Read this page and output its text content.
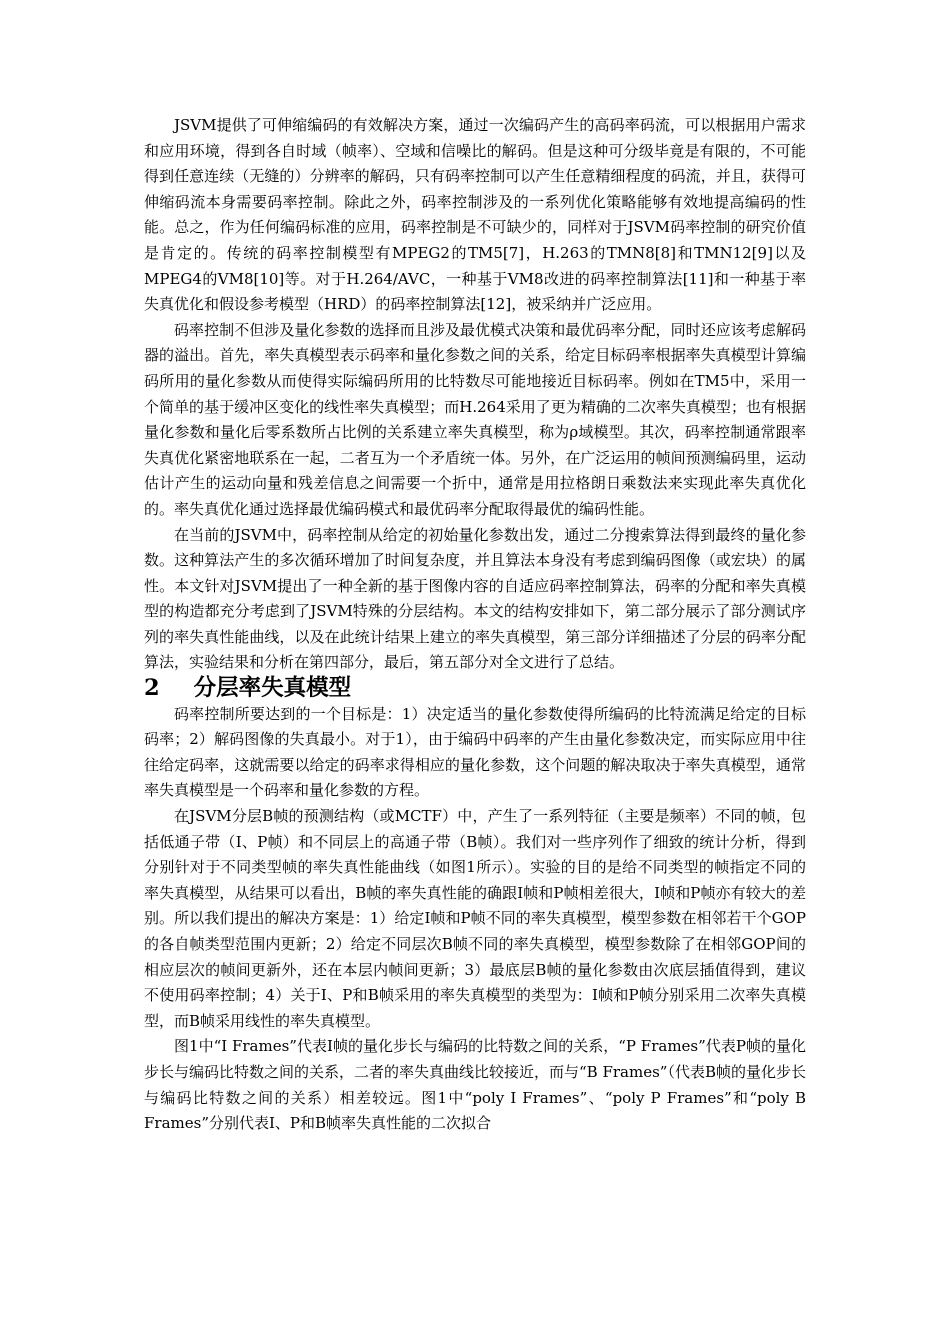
JSVM提供了可伸缩编码的有效解决方案，通过一次编码产生的高码率码流，可以根据用户需求和应用环境，得到各自时域（帧率）、空域和信噪比的解码。但是这种可分级毕竟是有限的，不可能得到任意连续（无缝的）分辨率的解码，只有码率控制可以产生任意精细程度的码流，并且，获得可伸缩码流本身需要码率控制。除此之外，码率控制涉及的一系列优化策略能够有效地提高编码的性能。总之，作为任何编码标准的应用，码率控制是不可缺少的，同样对于JSVM码率控制的研究价值是肯定的。传统的码率控制模型有MPEG2的TM5[7]，H.263的TMN8[8]和TMN12[9]以及MPEG4的VM8[10]等。对于H.264/AVC，一种基于VM8改进的码率控制算法[11]和一种基于率失真优化和假设参考模型（HRD）的码率控制算法[12]，被采纳并广泛应用。

码率控制不但涉及量化参数的选择而且涉及最优模式决策和最优码率分配，同时还应该考虑解码器的溢出。首先，率失真模型表示码率和量化参数之间的关系，给定目标码率根据率失真模型计算编码所用的量化参数从而使得实际编码所用的比特数尽可能地接近目标码率。例如在TM5中，采用一个简单的基于缓冲区变化的线性率失真模型；而H.264采用了更为精确的二次率失真模型；也有根据量化参数和量化后零系数所占比例的关系建立率失真模型，称为ρ域模型。其次，码率控制通常跟率失真优化紧密地联系在一起，二者互为一个矛盾统一体。另外，在广泛运用的帧间预测编码里，运动估计产生的运动向量和残差信息之间需要一个折中，通常是用拉格朗日乘数法来实现此率失真优化的。率失真优化通过选择最优编码模式和最优码率分配取得最优的编码性能。

在当前的JSVM中，码率控制从给定的初始量化参数出发，通过二分搜索算法得到最终的量化参数。这种算法产生的多次循环增加了时间复杂度，并且算法本身没有考虑到编码图像（或宏块）的属性。本文针对JSVM提出了一种全新的基于图像内容的自适应码率控制算法，码率的分配和率失真模型的构造都充分考虑到了JSVM特殊的分层结构。本文的结构安排如下，第二部分展示了部分测试序列的率失真性能曲线，以及在此统计结果上建立的率失真模型，第三部分详细描述了分层的码率分配算法，实验结果和分析在第四部分，最后，第五部分对全文进行了总结。

2 分层率失真模型

码率控制所要达到的一个目标是：1）决定适当的量化参数使得所编码的比特流满足给定的目标码率；2）解码图像的失真最小。对于1），由于编码中码率的产生由量化参数决定，而实际应用中往往给定码率，这就需要以给定的码率求得相应的量化参数，这个问题的解决取决于率失真模型，通常率失真模型是一个码率和量化参数的方程。

在JSVM分层B帧的预测结构（或MCTF）中，产生了一系列特征（主要是频率）不同的帧，包括低通子带（I、P帧）和不同层上的高通子带（B帧）。我们对一些序列作了细致的统计分析，得到分别针对于不同类型帧的率失真性能曲线（如图1所示）。实验的目的是给不同类型的帧指定不同的率失真模型，从结果可以看出，B帧的率失真性能的确跟I帧和P帧相差很大，I帧和P帧亦有较大的差别。所以我们提出的解决方案是：1）给定I帧和P帧不同的率失真模型，模型参数在相邻若干个GOP的各自帧类型范围内更新；2）给定不同层次B帧不同的率失真模型，模型参数除了在相邻GOP间的相应层次的帧间更新外，还在本层内帧间更新；3）最底层B帧的量化参数由次底层插值得到，建议不使用码率控制；4）关于I、P和B帧采用的率失真模型的类型为：I帧和P帧分别采用二次率失真模型，而B帧采用线性的率失真模型。

图1中“I Frames”代表I帧的量化步长与编码的比特数之间的关系，“P Frames”代表P帧的量化步长与编码比特数之间的关系，二者的率失真曲线比较接近，而与“B Frames”（代表B帧的量化步长与编码比特数之间的关系）相差较远。图1中“poly I Frames”、“poly P Frames”和“poly B Frames”分别代表I、P和B帧率失真性能的二次拟合
